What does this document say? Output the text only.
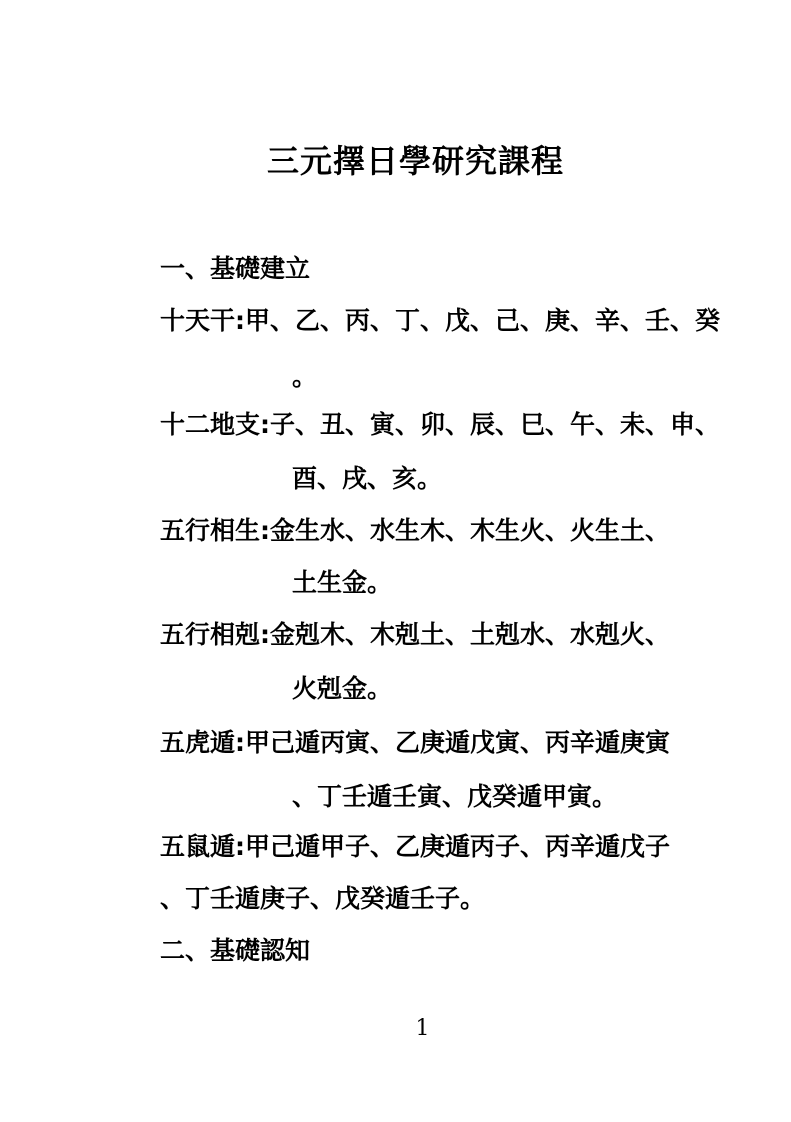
三元擇日學研究課程
一、基礎建立
十天干:甲、乙、丙、丁、戊、己、庚、辛、壬、癸
。
十二地支:子、丑、寅、卯、辰、巳、午、未、申、
酉、戌、亥。
五行相生:金生水、水生木、木生火、火生土、
土生金。
五行相剋:金剋木、木剋土、土剋水、水剋火、
火剋金。
五虎遁:甲己遁丙寅、乙庚遁戊寅、丙辛遁庚寅
、丁壬遁壬寅、戊癸遁甲寅。
五鼠遁:甲己遁甲子、乙庚遁丙子、丙辛遁戊子
、丁壬遁庚子、戊癸遁壬子。
二、基礎認知
1
